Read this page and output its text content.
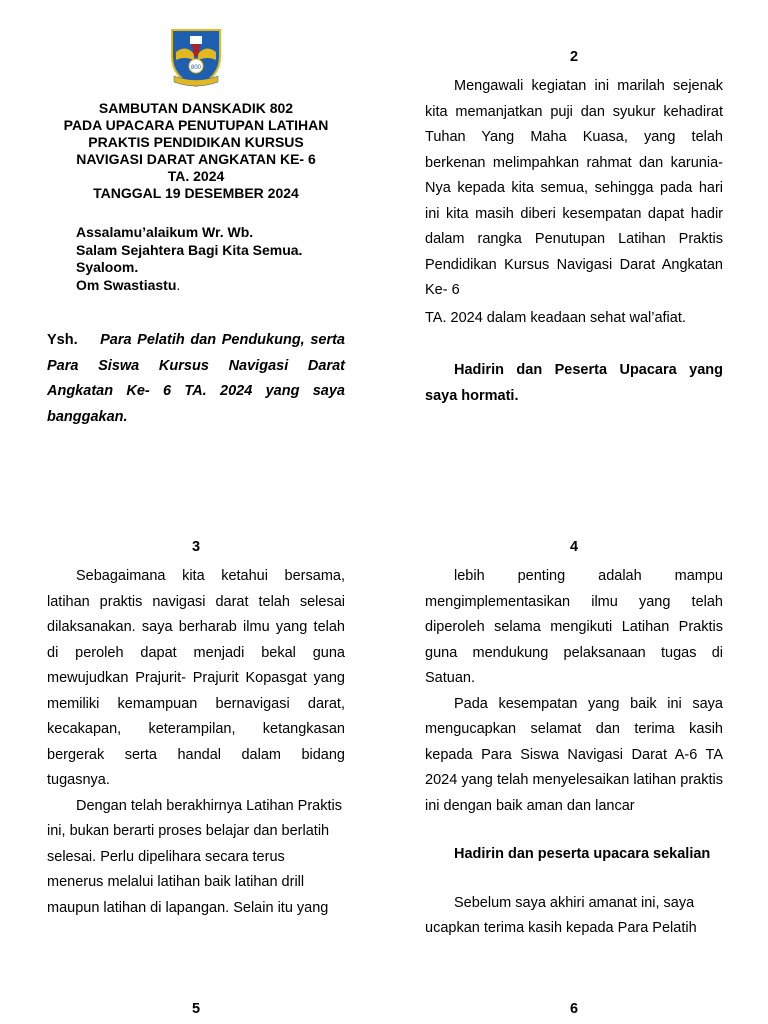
800
SAMBUTAN DANSKADIK 802
PADA UPACARA PENUTUPAN LATIHAN
PRAKTIS PENDIDIKAN KURSUS
NAVIGASI DARAT ANGKATAN KE- 6
TA. 2024
TANGGAL 19 DESEMBER 2024
Assalamu’alaikum Wr. Wb.
Salam Sejahtera Bagi Kita Semua.
Syaloom.
Om Swastiastu.

Ysh. Para Pelatih dan Pendukung, serta Para Siswa Kursus Navigasi Darat Angkatan Ke- 6 TA. 2024 yang saya banggakan.

2

Mengawali kegiatan ini marilah sejenak kita memanjatkan puji dan syukur kehadirat Tuhan Yang Maha Kuasa, yang telah berkenan melimpahkan rahmat dan karunia-Nya kepada kita semua, sehingga pada hari ini kita masih diberi kesempatan dapat hadir dalam rangka Penutupan Latihan Praktis Pendidikan Kursus Navigasi Darat Angkatan Ke- 6

TA. 2024 dalam keadaan sehat wal’afiat.

Hadirin dan Peserta Upacara yang saya hormati.

3

Sebagaimana kita ketahui bersama, latihan praktis navigasi darat telah selesai dilaksanakan. saya berharab ilmu yang telah di peroleh dapat menjadi bekal guna mewujudkan Prajurit- Prajurit Kopasgat yang memiliki kemampuan bernavigasi darat, kecakapan, keterampilan, ketangkasan bergerak serta handal dalam bidang tugasnya.

Dengan telah berakhirnya Latihan Praktis ini, bukan berarti proses belajar dan berlatih selesai. Perlu dipelihara secara terus menerus melalui latihan baik latihan drill maupun latihan di lapangan. Selain itu yang

4

lebih penting adalah mampu mengimplementasikan ilmu yang telah diperoleh selama mengikuti Latihan Praktis guna mendukung pelaksanaan tugas di Satuan.

Pada kesempatan yang baik ini saya mengucapkan selamat dan terima kasih kepada Para Siswa Navigasi Darat A-6 TA 2024 yang telah menyelesaikan latihan praktis ini dengan baik aman dan lancar

Hadirin dan peserta upacara sekalian

Sebelum saya akhiri amanat ini, saya ucapkan terima kasih kepada Para Pelatih

5	6
